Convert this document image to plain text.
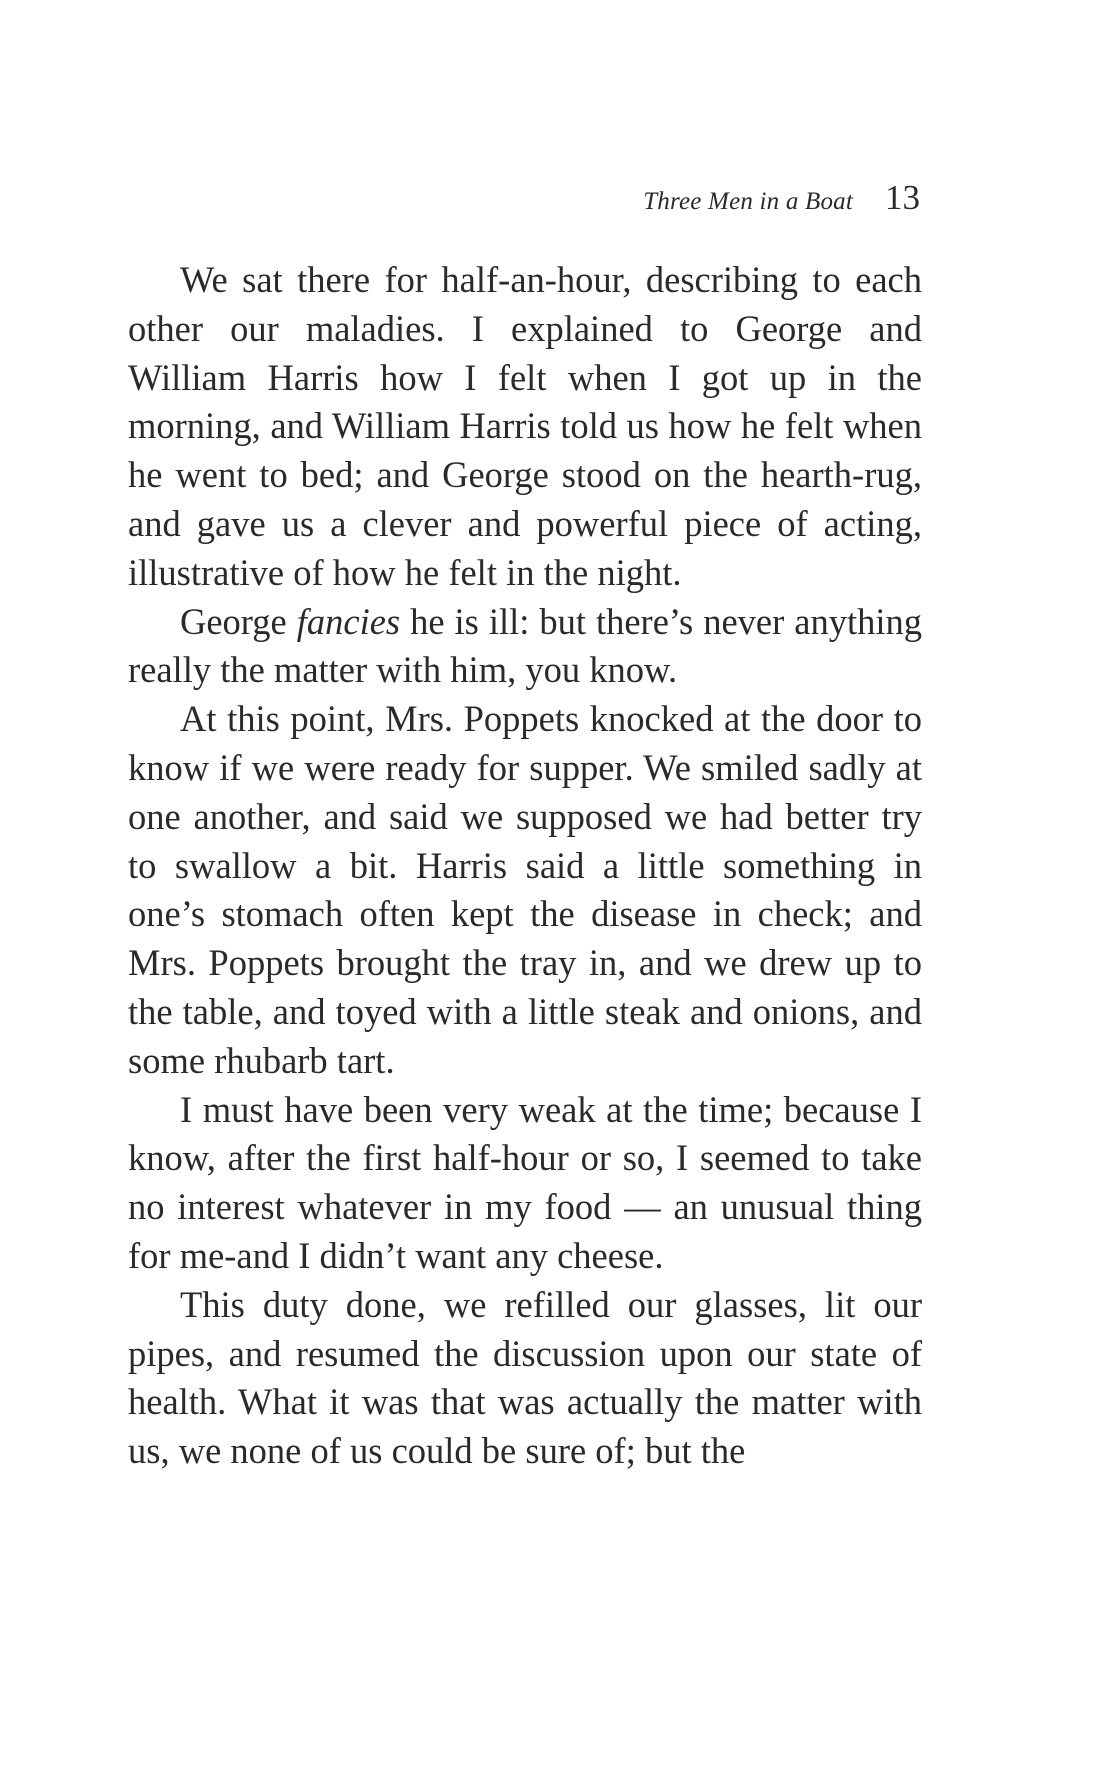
Three Men in a Boat 13

We sat there for half-an-hour, describing to each other our maladies. I explained to George and William Harris how I felt when I got up in the morning, and William Harris told us how he felt when he went to bed; and George stood on the hearth-rug, and gave us a clever and powerful piece of acting, illustrative of how he felt in the night.

George fancies he is ill: but there’s never anything really the matter with him, you know.

At this point, Mrs. Poppets knocked at the door to know if we were ready for supper. We smiled sadly at one another, and said we supposed we had better try to swallow a bit. Harris said a little something in one’s stomach often kept the disease in check; and Mrs. Poppets brought the tray in, and we drew up to the table, and toyed with a little steak and onions, and some rhubarb tart.

I must have been very weak at the time; because I know, after the first half-hour or so, I seemed to take no interest whatever in my food — an unusual thing for me-and I didn’t want any cheese.

This duty done, we refilled our glasses, lit our pipes, and resumed the discussion upon our state of health. What it was that was actually the matter with us, we none of us could be sure of; but the
